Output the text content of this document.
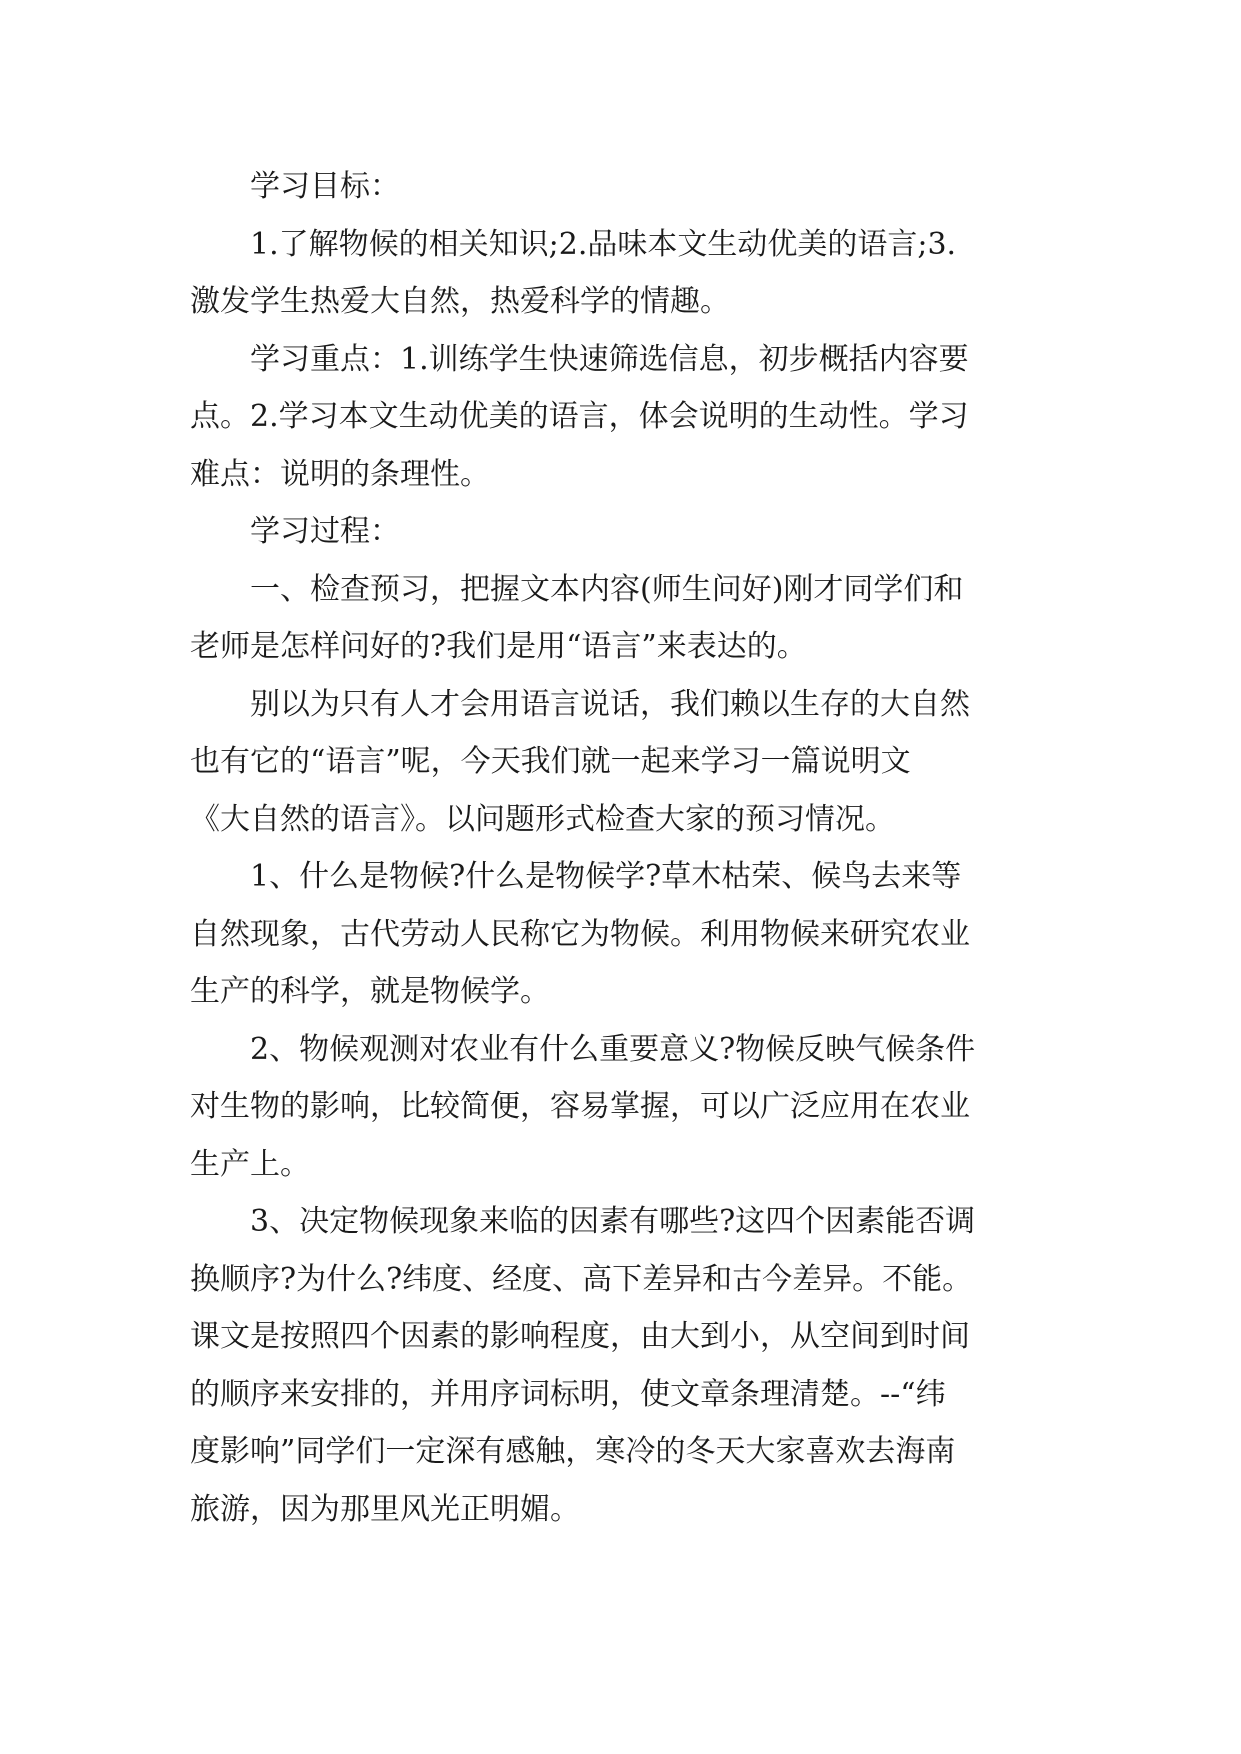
学习目标：

1.了解物候的相关知识;2.品味本文生动优美的语言;3.
激发学生热爱大自然，热爱科学的情趣。

学习重点：1.训练学生快速筛选信息，初步概括内容要
点。2.学习本文生动优美的语言，体会说明的生动性。学习
难点：说明的条理性。

学习过程：

一、检查预习，把握文本内容(师生问好)刚才同学们和
老师是怎样问好的?我们是用“语言”来表达的。

别以为只有人才会用语言说话，我们赖以生存的大自然
也有它的“语言”呢，今天我们就一起来学习一篇说明文
《大自然的语言》。以问题形式检查大家的预习情况。

1、什么是物候?什么是物候学?草木枯荣、候鸟去来等
自然现象，古代劳动人民称它为物候。利用物候来研究农业
生产的科学，就是物候学。

2、物候观测对农业有什么重要意义?物候反映气候条件
对生物的影响，比较简便，容易掌握，可以广泛应用在农业
生产上。

3、决定物候现象来临的因素有哪些?这四个因素能否调
换顺序?为什么?纬度、经度、高下差异和古今差异。不能。
课文是按照四个因素的影响程度，由大到小，从空间到时间
的顺序来安排的，并用序词标明，使文章条理清楚。--“纬
度影响”同学们一定深有感触，寒冷的冬天大家喜欢去海南
旅游，因为那里风光正明媚。
